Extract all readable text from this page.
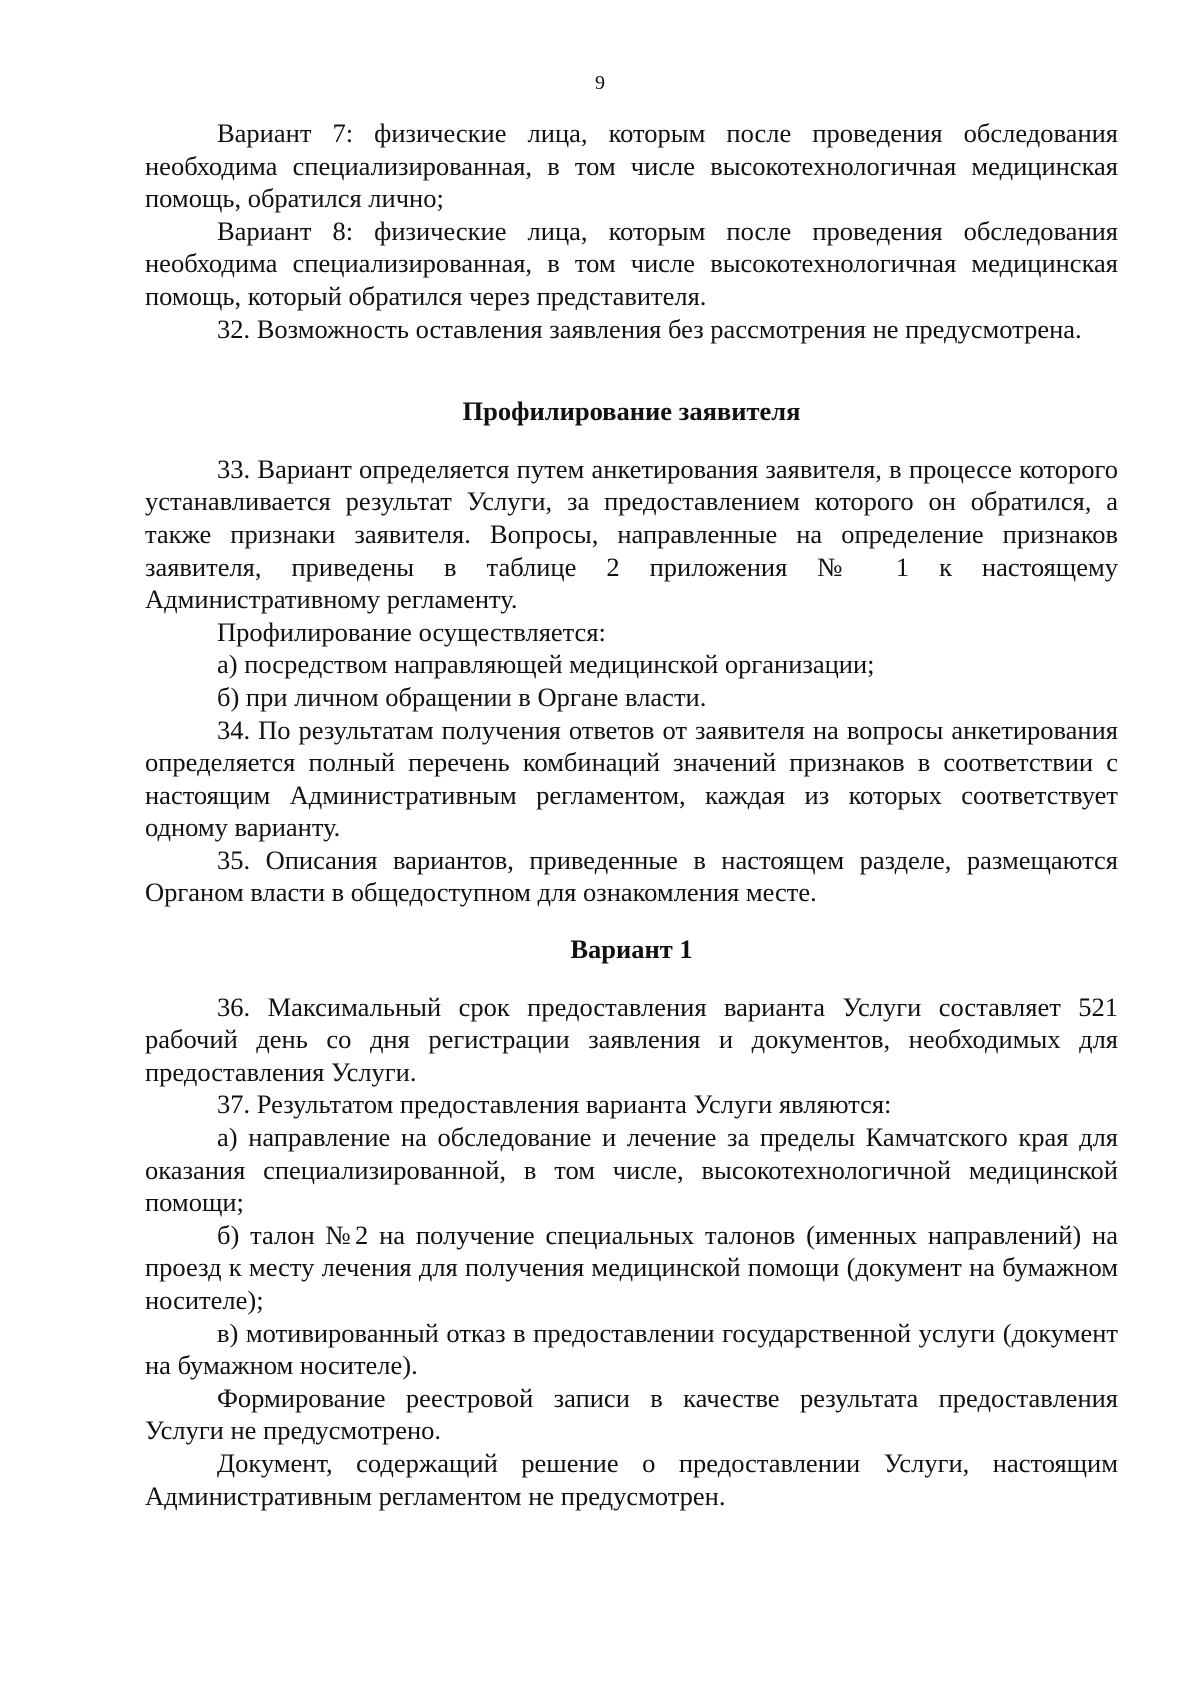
9

Вариант 7: физические лица, которым после проведения обследования необходима специализированная, в том числе высокотехнологичная медицинская помощь, обратился лично;

Вариант 8: физические лица, которым после проведения обследования необходима специализированная, в том числе высокотехнологичная медицинская помощь, который обратился через представителя.

32. Возможность оставления заявления без рассмотрения не предусмотрена.

Профилирование заявителя

33. Вариант определяется путем анкетирования заявителя, в процессе которого устанавливается результат Услуги, за предоставлением которого он обратился, а также признаки заявителя. Вопросы, направленные на определение признаков заявителя, приведены в таблице 2 приложения № 1 к настоящему Административному регламенту.

Профилирование осуществляется:

а) посредством направляющей медицинской организации;

б) при личном обращении в Органе власти.

34. По результатам получения ответов от заявителя на вопросы анкетирования определяется полный перечень комбинаций значений признаков в соответствии с настоящим Административным регламентом, каждая из которых соответствует одному варианту.

35. Описания вариантов, приведенные в настоящем разделе, размещаются Органом власти в общедоступном для ознакомления месте.

Вариант 1

36. Максимальный срок предоставления варианта Услуги составляет 521 рабочий день со дня регистрации заявления и документов, необходимых для предоставления Услуги.

37. Результатом предоставления варианта Услуги являются:

а) направление на обследование и лечение за пределы Камчатского края для оказания специализированной, в том числе, высокотехнологичной медицинской помощи;

б) талон №2 на получение специальных талонов (именных направлений) на проезд к месту лечения для получения медицинской помощи (документ на бумажном носителе);

в) мотивированный отказ в предоставлении государственной услуги (документ на бумажном носителе).

Формирование реестровой записи в качестве результата предоставления Услуги не предусмотрено.

Документ, содержащий решение о предоставлении Услуги, настоящим Административным регламентом не предусмотрен.
